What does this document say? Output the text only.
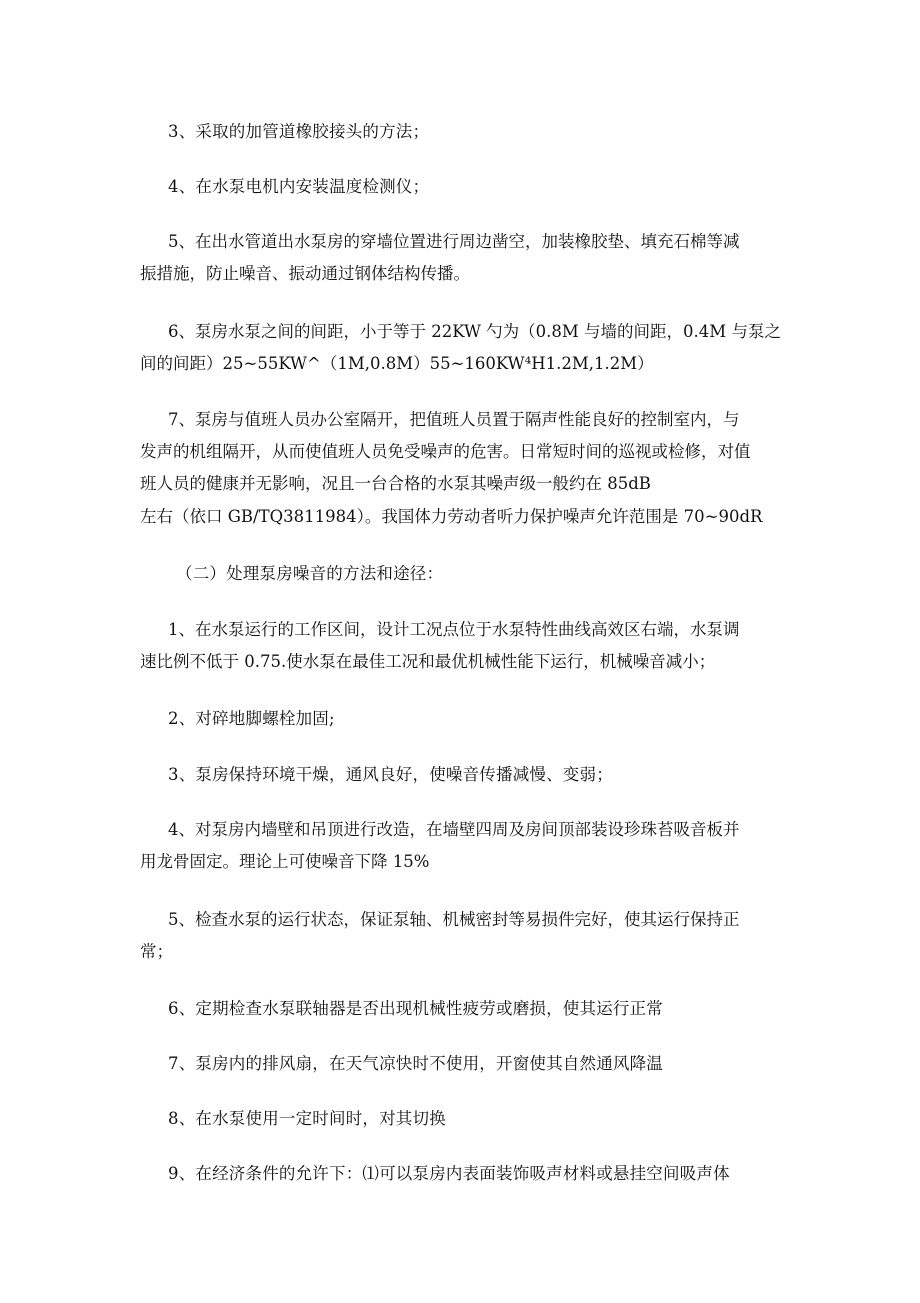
3、采取的加管道橡胶接头的方法；
4、在水泵电机内安装温度检测仪；
5、在出水管道出水泵房的穿墙位置进行周边凿空，加装橡胶垫、填充石棉等减
振措施，防止噪音、振动通过钢体结构传播。
6、泵房水泵之间的间距，小于等于 22KW 勺为（0.8M 与墙的间距，0.4M 与泵之
间的间距）25~55KW^（1M,0.8M）55~160KW⁴H1.2M,1.2M）
7、泵房与值班人员办公室隔开，把值班人员置于隔声性能良好的控制室内，与
发声的机组隔开，从而使值班人员免受噪声的危害。日常短时间的巡视或检修，对值
班人员的健康并无影响，况且一台合格的水泵其噪声级一般约在 85dB
左右（依口 GB/TQ3811984）。我国体力劳动者听力保护噪声允许范围是 70~90dR
（二）处理泵房噪音的方法和途径：
1、在水泵运行的工作区间，设计工况点位于水泵特性曲线高效区右端，水泵调
速比例不低于 0.75.使水泵在最佳工况和最优机械性能下运行，机械噪音减小；
2、对碎地脚螺栓加固;
3、泵房保持环境干燥，通风良好，使噪音传播减慢、变弱；
4、对泵房内墙壁和吊顶进行改造，在墙壁四周及房间顶部装设珍珠苔吸音板并
用龙骨固定。理论上可使噪音下降 15%
5、检查水泵的运行状态，保证泵轴、机械密封等易损件完好，使其运行保持正
常；
6、定期检查水泵联轴器是否出现机械性疲劳或磨损，使其运行正常
7、泵房内的排风扇，在天气凉快时不使用，开窗使其自然通风降温
8、在水泵使用一定时间时，对其切换
9、在经济条件的允许下：⑴可以泵房内表面装饰吸声材料或悬挂空间吸声体
